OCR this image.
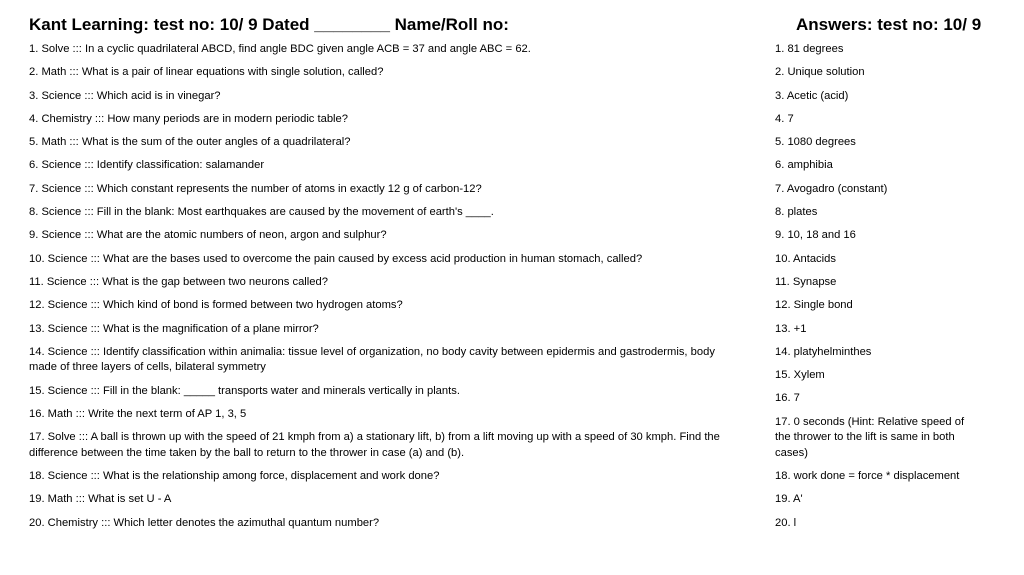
Kant Learning: test no: 10/ 9 Dated ________ Name/Roll no:	Answers: test no: 10/ 9
1. Solve ::: In a cyclic quadrilateral ABCD, find angle BDC given angle ACB = 37 and angle ABC = 62.
2. Math ::: What is a pair of linear equations with single solution, called?
3. Science ::: Which acid is in vinegar?
4. Chemistry ::: How many periods are in modern periodic table?
5. Math ::: What is the sum of the outer angles of a quadrilateral?
6. Science ::: Identify classification: salamander
7. Science ::: Which constant represents the number of atoms in exactly 12 g of carbon-12?
8. Science ::: Fill in the blank: Most earthquakes are caused by the movement of earth's ____.
9. Science ::: What are the atomic numbers of neon, argon and sulphur?
10. Science ::: What are the bases used to overcome the pain caused by excess acid production in human stomach, called?
11. Science ::: What is the gap between two neurons called?
12. Science ::: Which kind of bond is formed between two hydrogen atoms?
13. Science ::: What is the magnification of a plane mirror?
14. Science ::: Identify classification within animalia: tissue level of organization, no body cavity between epidermis and gastrodermis, body made of three layers of cells, bilateral symmetry
15. Science ::: Fill in the blank: _____ transports water and minerals vertically in plants.
16. Math ::: Write the next term of AP 1, 3, 5
17. Solve ::: A ball is thrown up with the speed of 21 kmph from a) a stationary lift, b) from a lift moving up with a speed of 30 kmph. Find the difference between the time taken by the ball to return to the thrower in case (a) and (b).
18. Science ::: What is the relationship among force, displacement and work done?
19. Math ::: What is set U - A
20. Chemistry ::: Which letter denotes the azimuthal quantum number?
1. 81 degrees
2. Unique solution
3. Acetic (acid)
4. 7
5. 1080 degrees
6. amphibia
7. Avogadro (constant)
8. plates
9. 10, 18 and 16
10. Antacids
11. Synapse
12. Single bond
13. +1
14. platyhelminthes
15. Xylem
16. 7
17. 0 seconds (Hint: Relative speed of the thrower to the lift is same in both cases)
18. work done = force * displacement
19. A'
20. l
